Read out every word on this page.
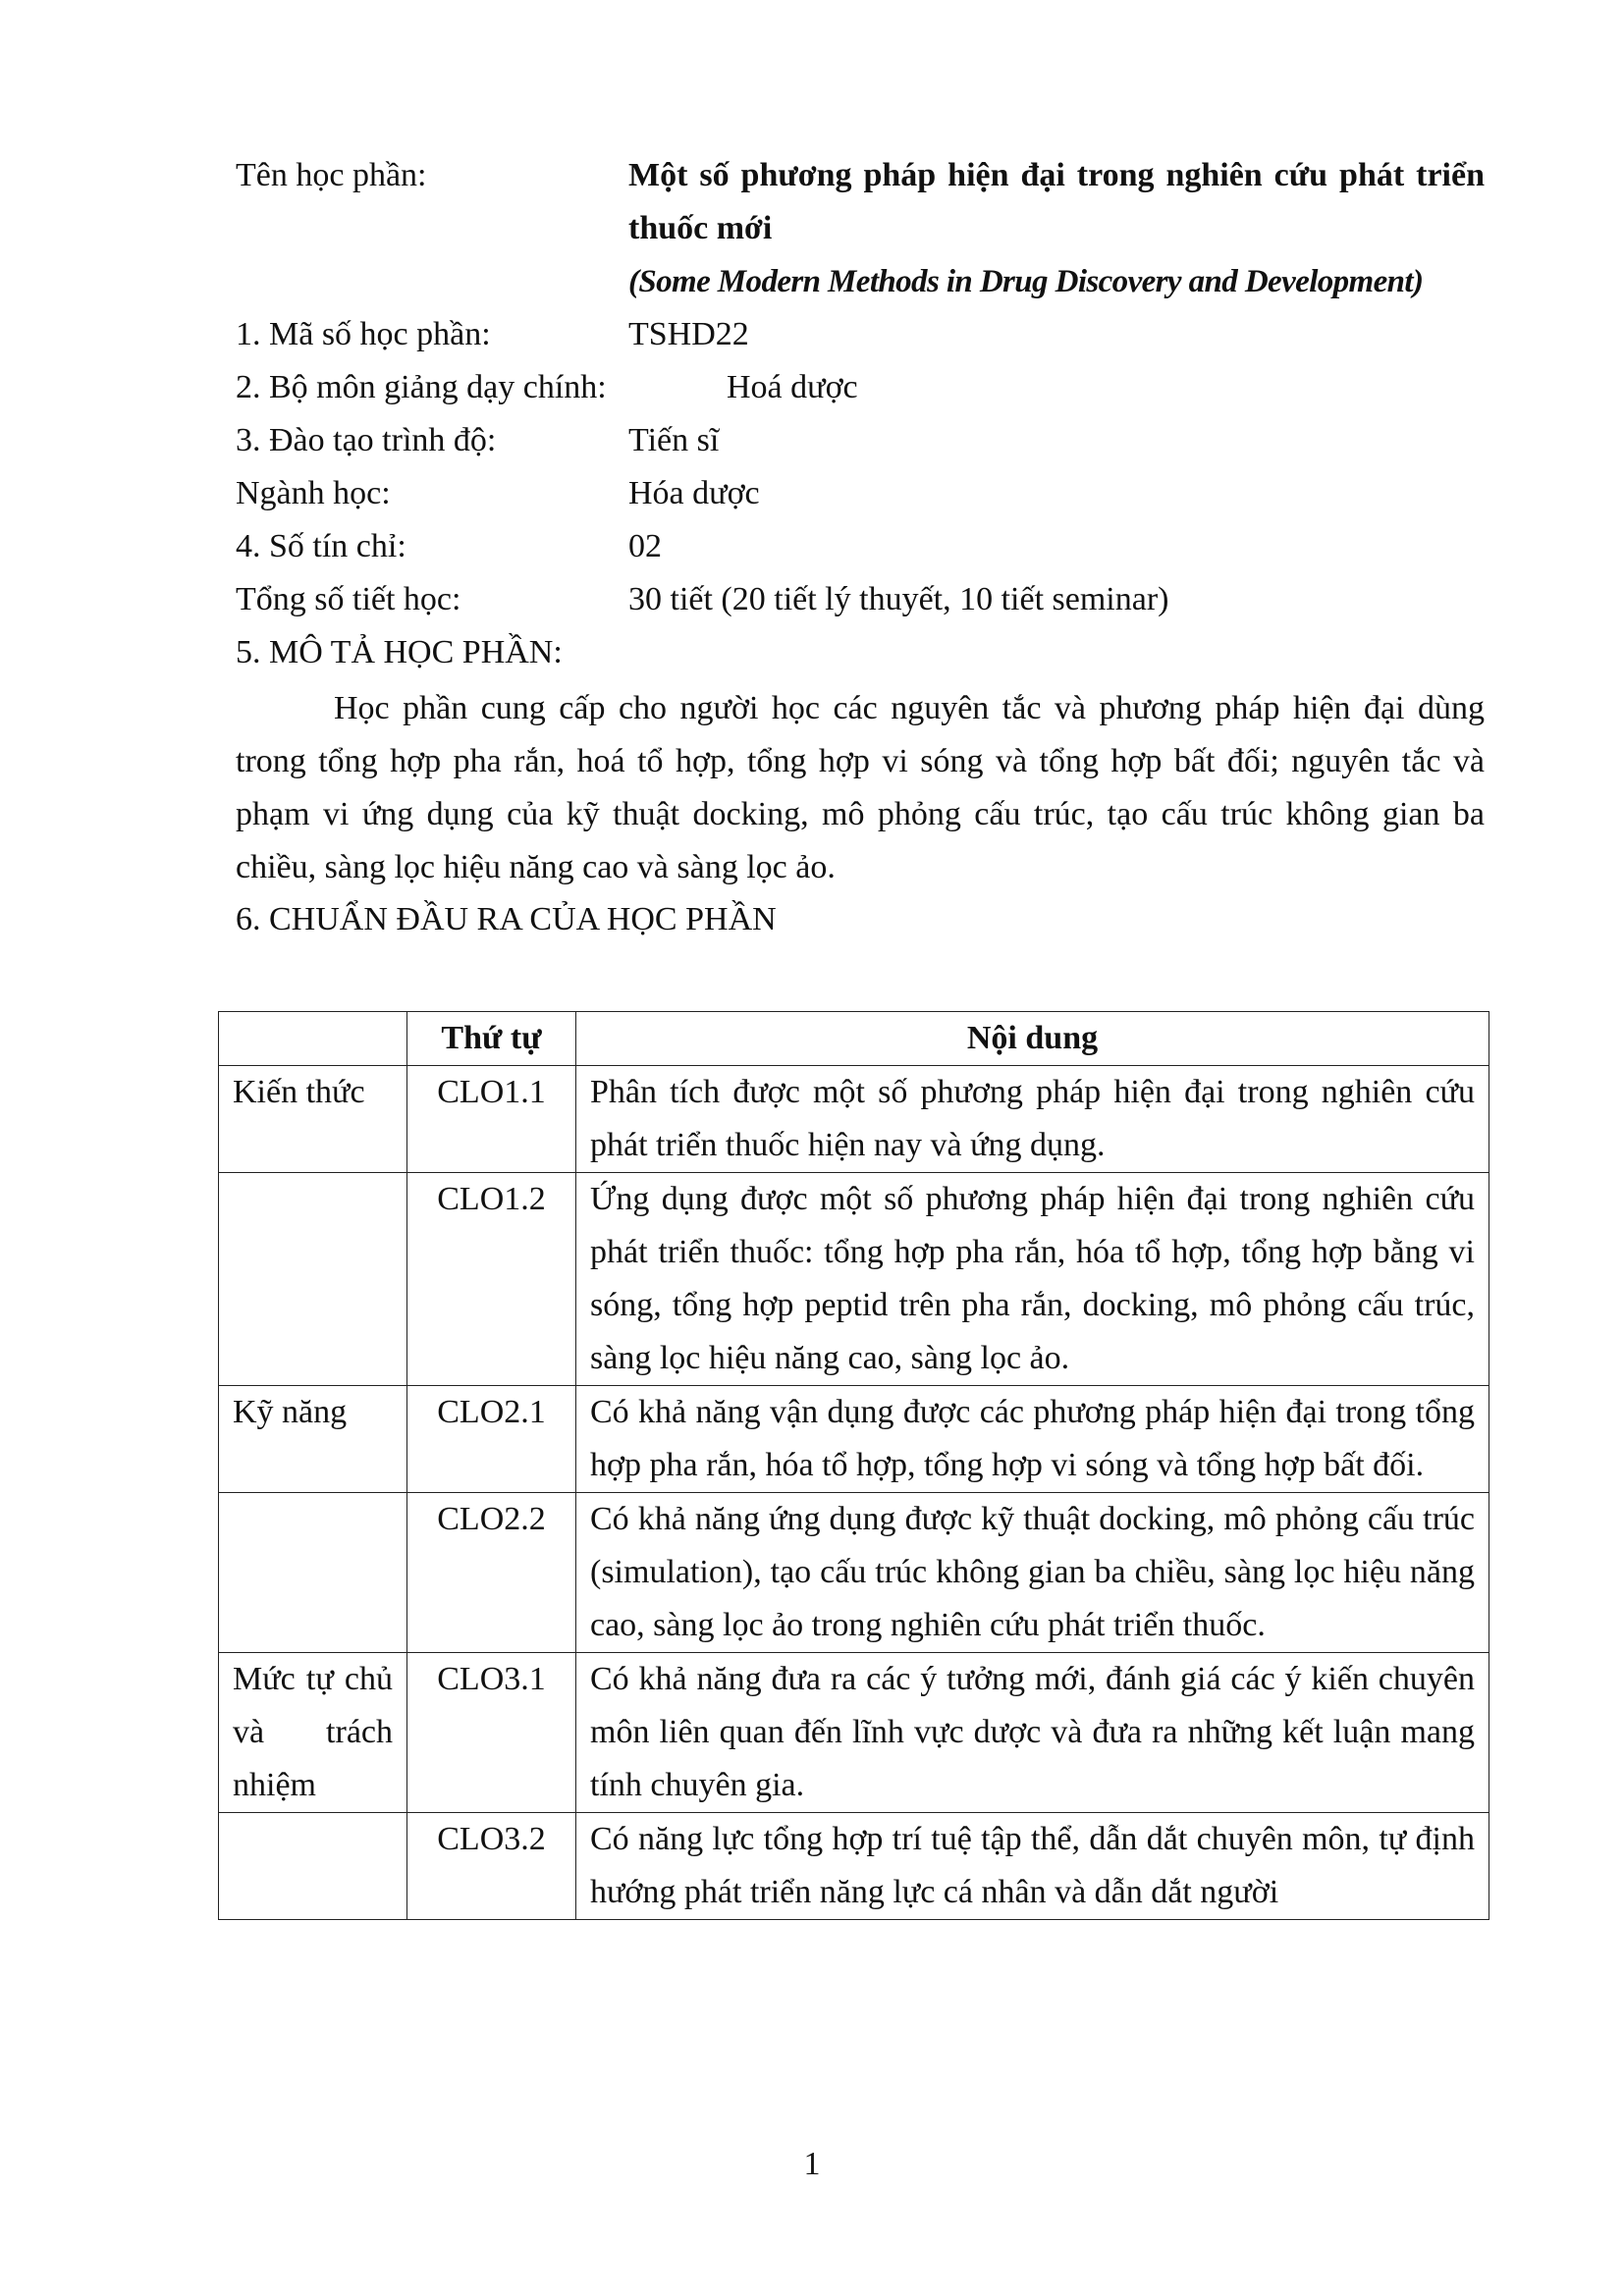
Tên học phần:	Một số phương pháp hiện đại trong nghiên cứu phát triển thuốc mới
(Some Modern Methods in Drug Discovery and Development)
1. Mã số học phần:	TSHD22
2. Bộ môn giảng dạy chính:	Hoá dược
3. Đào tạo trình độ:	Tiến sĩ
Ngành học:	Hóa dược
4. Số tín chỉ:	02
Tổng số tiết học:	30 tiết (20 tiết lý thuyết, 10 tiết seminar)
5. MÔ TẢ HỌC PHẦN:
Học phần cung cấp cho người học các nguyên tắc và phương pháp hiện đại dùng trong tổng hợp pha rắn, hoá tổ hợp, tổng hợp vi sóng và tổng hợp bất đối; nguyên tắc và phạm vi ứng dụng của kỹ thuật docking, mô phỏng cấu trúc, tạo cấu trúc không gian ba chiều, sàng lọc hiệu năng cao và sàng lọc ảo.
6. CHUẨN ĐẦU RA CỦA HỌC PHẦN
	Thứ tự	Nội dung
Kiến thức	CLO1.1	Phân tích được một số phương pháp hiện đại trong nghiên cứu phát triển thuốc hiện nay và ứng dụng.
	CLO1.2	Ứng dụng được một số phương pháp hiện đại trong nghiên cứu phát triển thuốc: tổng hợp pha rắn, hóa tổ hợp, tổng hợp bằng vi sóng, tổng hợp peptid trên pha rắn, docking, mô phỏng cấu trúc, sàng lọc hiệu năng cao, sàng lọc ảo.
Kỹ năng	CLO2.1	Có khả năng vận dụng được các phương pháp hiện đại trong tổng hợp pha rắn, hóa tổ hợp, tổng hợp vi sóng và tổng hợp bất đối.
	CLO2.2	Có khả năng ứng dụng được kỹ thuật docking, mô phỏng cấu trúc (simulation), tạo cấu trúc không gian ba chiều, sàng lọc hiệu năng cao, sàng lọc ảo trong nghiên cứu phát triển thuốc.
Mức tự chủ và trách nhiệm	CLO3.1	Có khả năng đưa ra các ý tưởng mới, đánh giá các ý kiến chuyên môn liên quan đến lĩnh vực dược và đưa ra những kết luận mang tính chuyên gia.
	CLO3.2	Có năng lực tổng hợp trí tuệ tập thể, dẫn dắt chuyên môn, tự định hướng phát triển năng lực cá nhân và dẫn dắt người
1
